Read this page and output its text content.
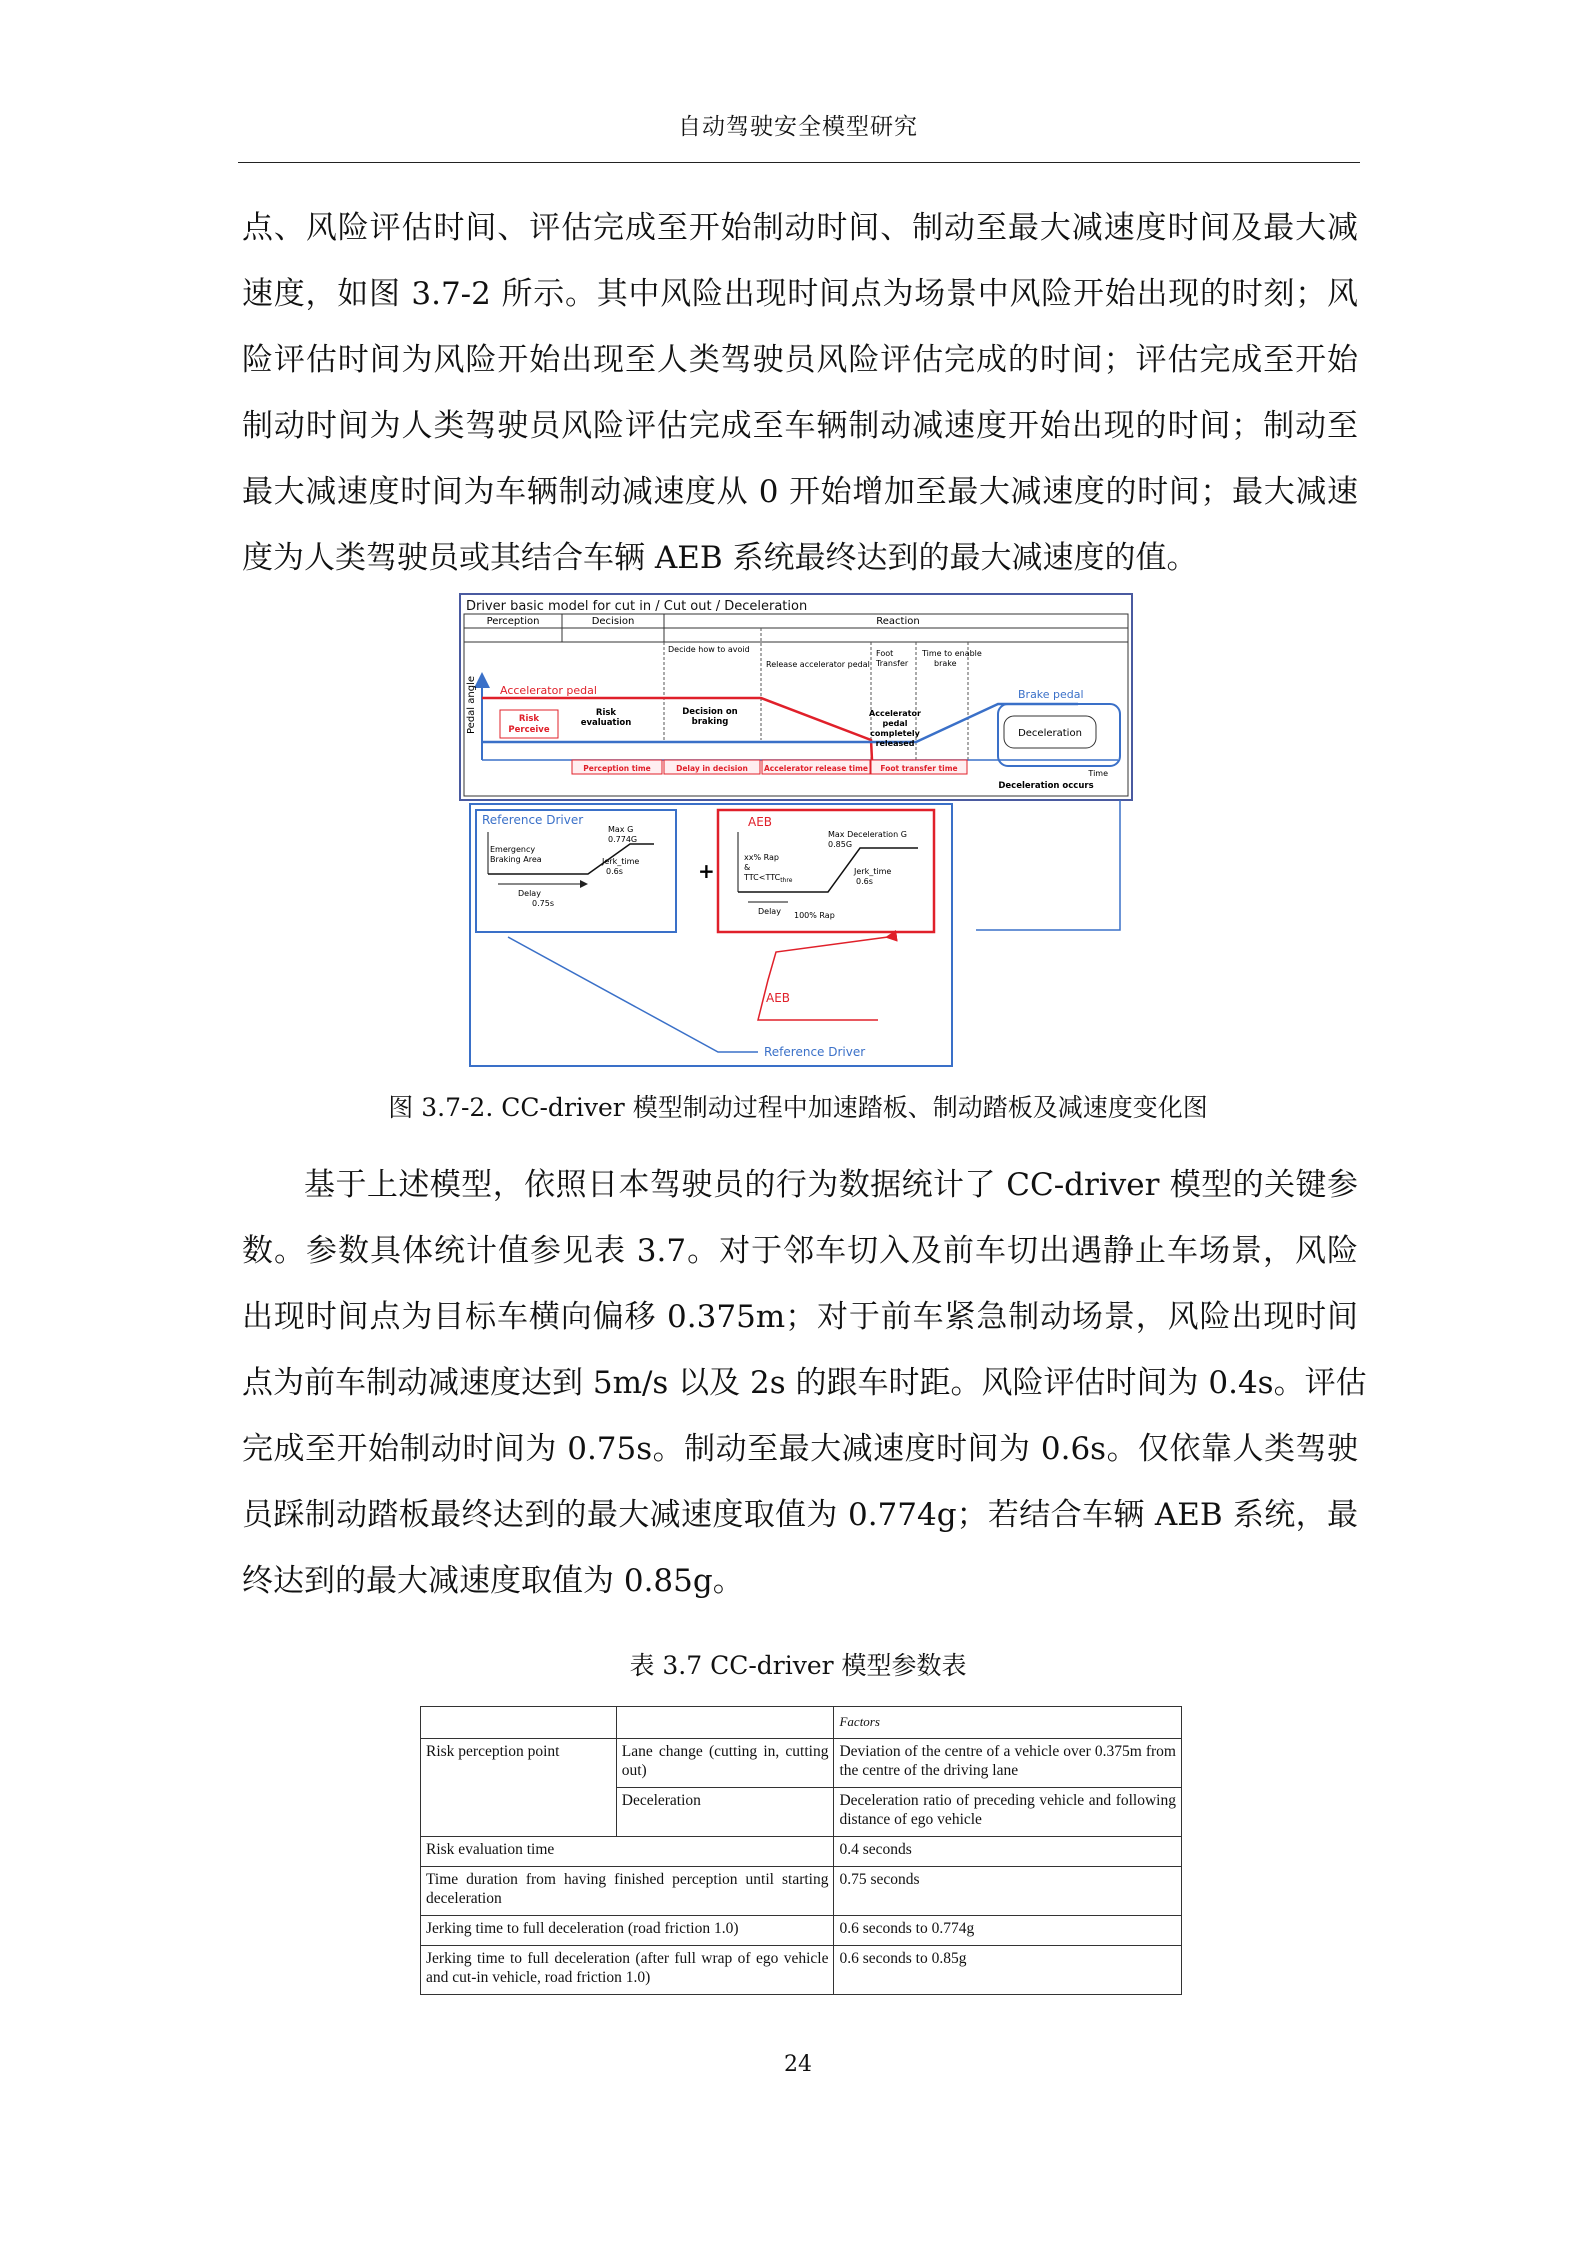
自动驾驶安全模型研究
点、风险评估时间、评估完成至开始制动时间、制动至最大减速度时间及最大减
速度，如图 3.7-2 所示。其中风险出现时间点为场景中风险开始出现的时刻；风
险评估时间为风险开始出现至人类驾驶员风险评估完成的时间；评估完成至开始
制动时间为人类驾驶员风险评估完成至车辆制动减速度开始出现的时间；制动至
最大减速度时间为车辆制动减速度从 0 开始增加至最大减速度的时间；最大减速
度为人类驾驶员或其结合车辆 AEB 系统最终达到的最大减速度的值。
Driver basic model for cut in / Cut out / Deceleration
Perception	Decision	Reaction
Decide how to avoid
Release accelerator pedal
Foot
Transfer
Time to enable
brake
Pedal angle Accelerator pedal	Brake pedal
Risk
Perceive
Risk
evaluation
Decision on
braking
Accelerator
pedal
completely
released
Deceleration
Time
Perception time	Delay in decision Accelerator release time Foot transfer time
Deceleration occurs
Reference Driver
Max G
0.774G
Emergency
Braking Area	Jerk_time
0.6s
Delay
0.75s
+
AEB
Max Deceleration G
0.85G
xx% Rap
&
$TTC<TTC_{thre}$
Jerk_time
0.6s
Delay 100% Rap
AEB
Reference Driver
图 3.7-2. CC-driver 模型制动过程中加速踏板、制动踏板及减速度变化图
基于上述模型，依照日本驾驶员的行为数据统计了 CC-driver 模型的关键参
数。参数具体统计值参见表 3.7。对于邻车切入及前车切出遇静止车场景，风险
出现时间点为目标车横向偏移 0.375m；对于前车紧急制动场景，风险出现时间
点为前车制动减速度达到 5m/s 以及 2s 的跟车时距。风险评估时间为 0.4s。评估
完成至开始制动时间为 0.75s。制动至最大减速度时间为 0.6s。仅依靠人类驾驶
员踩制动踏板最终达到的最大减速度取值为 0.774g；若结合车辆 AEB 系统，最
终达到的最大减速度取值为 0.85g。
表 3.7 CC-driver 模型参数表
		Factors
Risk perception point	Lane change (cutting in, cutting out)	Deviation of the centre of a vehicle over 0.375m from the centre of the driving lane
	Deceleration	Deceleration ratio of preceding vehicle and following distance of ego vehicle
Risk evaluation time		0.4 seconds
Time duration from having finished perception until starting deceleration		0.75 seconds
Jerking time to full deceleration (road friction 1.0)		0.6 seconds to 0.774g
Jerking time to full deceleration (after full wrap of ego vehicle and cut-in vehicle, road friction 1.0)		0.6 seconds to 0.85g
24
